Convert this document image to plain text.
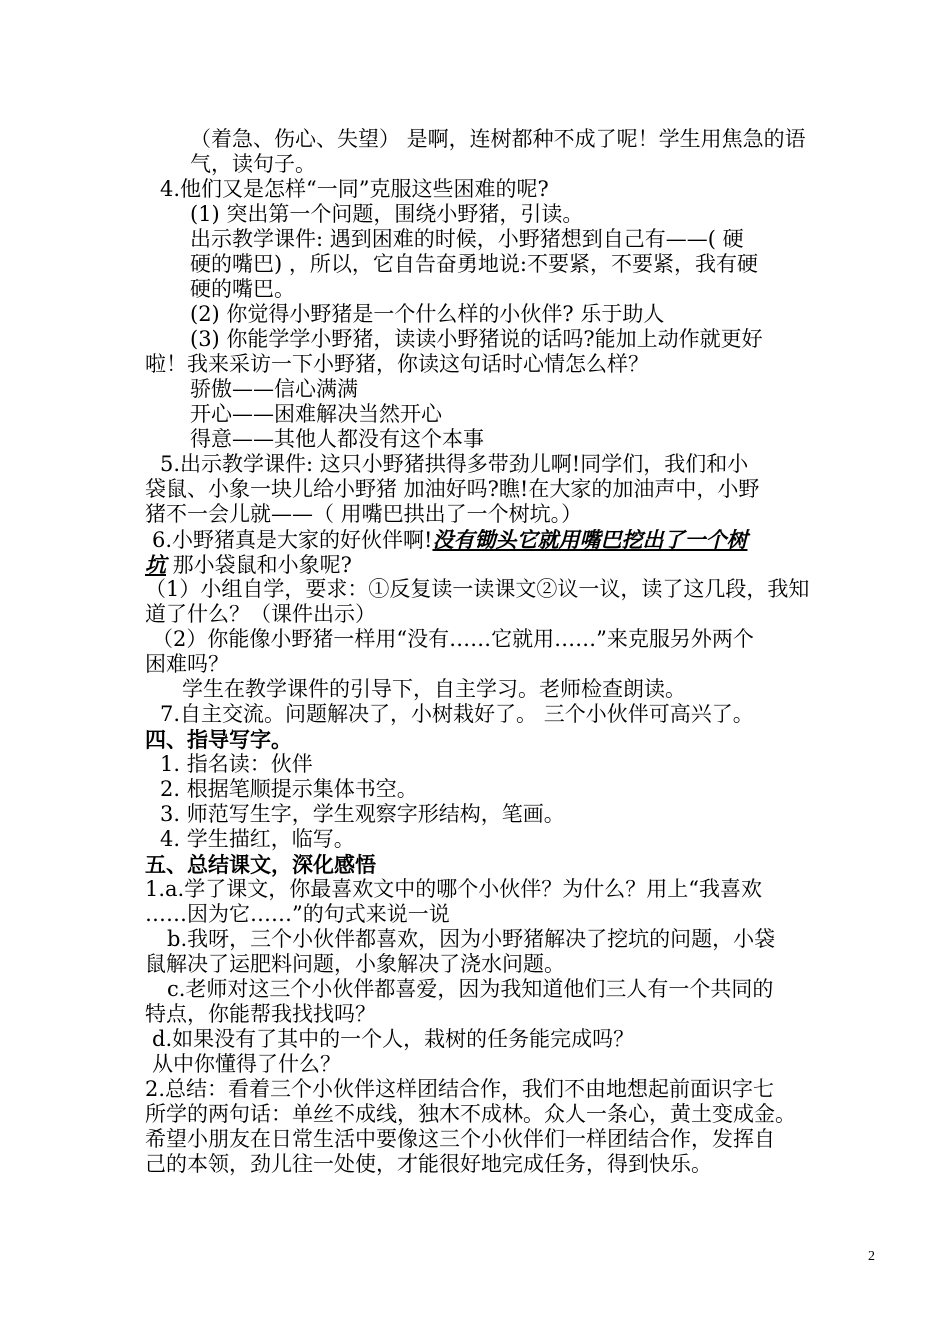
（着急、伤心、失望） 是啊，连树都种不成了呢！学生用焦急的语
气，读句子。
4.他们又是怎样“一同”克服这些困难的呢?
(1) 突出第一个问题，围绕小野猪，引读。
出示教学课件: 遇到困难的时候，小野猪想到自己有——( 硬
硬的嘴巴) ，所以，它自告奋勇地说:不要紧，不要紧，我有硬
硬的嘴巴。
(2) 你觉得小野猪是一个什么样的小伙伴? 乐于助人
(3) 你能学学小野猪，读读小野猪说的话吗?能加上动作就更好
啦！我来采访一下小野猪，你读这句话时心情怎么样？
骄傲——信心满满
开心——困难解决当然开心
得意——其他人都没有这个本事
5.出示教学课件: 这只小野猪拱得多带劲儿啊!同学们，我们和小
袋鼠、小象一块儿给小野猪 加油好吗?瞧!在大家的加油声中，小野
猪不一会儿就——（ 用嘴巴拱出了一个树坑。）
6.小野猪真是大家的好伙伴啊!没有锄头它就用嘴巴挖出了一个树
坑 那小袋鼠和小象呢?
（1）小组自学，要求：①反复读一读课文②议一议，读了这几段，我知
道了什么？（课件出示）
（2）你能像小野猪一样用“没有……它就用……”来克服另外两个
困难吗？
学生在教学课件的引导下，自主学习。老师检查朗读。
7.自主交流。问题解决了，小树栽好了。 三个小伙伴可高兴了。
四、指导写字。
1. 指名读：伙伴
2. 根据笔顺提示集体书空。
3. 师范写生字，学生观察字形结构，笔画。
4. 学生描红，临写。
五、总结课文，深化感悟
1.a.学了课文，你最喜欢文中的哪个小伙伴？为什么？用上“我喜欢
……因为它……”的句式来说一说
b.我呀，三个小伙伴都喜欢，因为小野猪解决了挖坑的问题，小袋
鼠解决了运肥料问题，小象解决了浇水问题。
c.老师对这三个小伙伴都喜爱，因为我知道他们三人有一个共同的
特点，你能帮我找找吗？
d.如果没有了其中的一个人，栽树的任务能完成吗？
从中你懂得了什么？
2.总结：看着三个小伙伴这样团结合作，我们不由地想起前面识字七
所学的两句话：单丝不成线，独木不成林。众人一条心，黄土变成金。
希望小朋友在日常生活中要像这三个小伙伴们一样团结合作，发挥自
己的本领，劲儿往一处使，才能很好地完成任务，得到快乐。
2
